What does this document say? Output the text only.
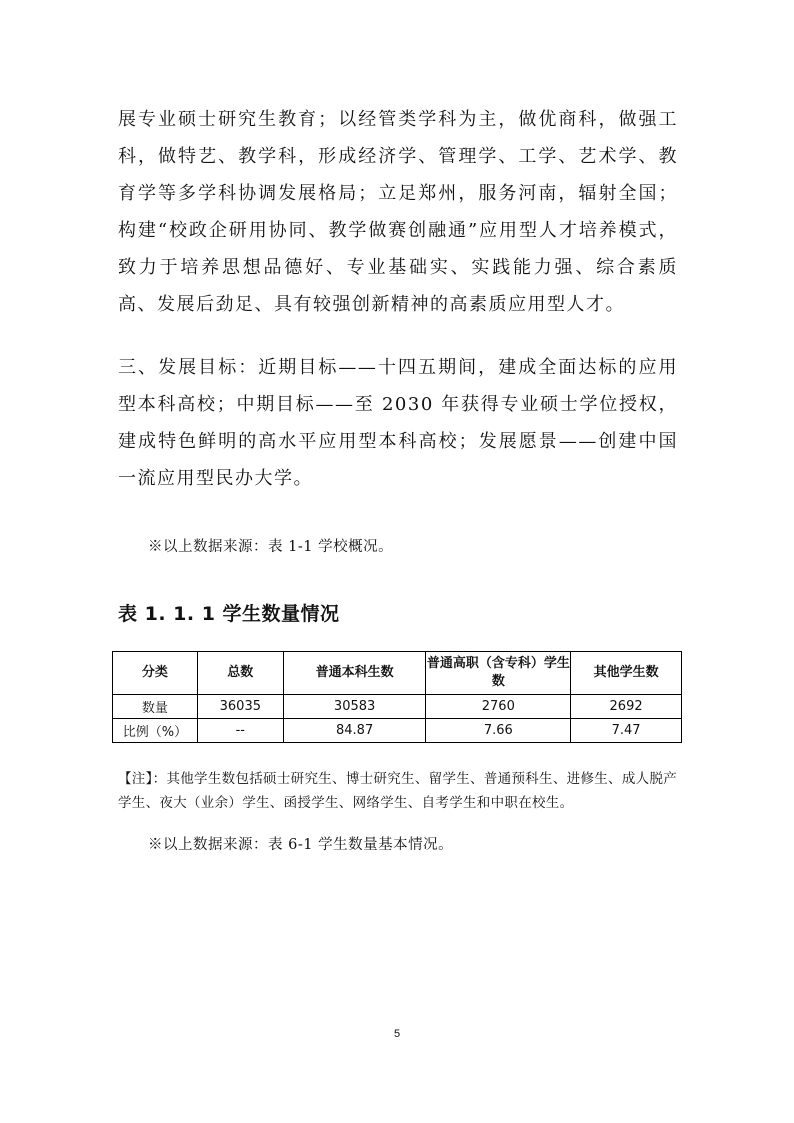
展专业硕士研究生教育；以经管类学科为主，做优商科，做强工科，做特艺、教学科，形成经济学、管理学、工学、艺术学、教育学等多学科协调发展格局；立足郑州，服务河南，辐射全国；构建“校政企研用协同、教学做赛创融通”应用型人才培养模式，致力于培养思想品德好、专业基础实、实践能力强、综合素质高、发展后劲足、具有较强创新精神的高素质应用型人才。

三、发展目标：近期目标——十四五期间，建成全面达标的应用型本科高校；中期目标——至 2030 年获得专业硕士学位授权，建成特色鲜明的高水平应用型本科高校；发展愿景——创建中国一流应用型民办大学。

※以上数据来源：表 1-1 学校概况。

表 1. 1. 1 学生数量情况

分类	总数	普通本科生数	普通高职（含专科）学生数	其他学生数
数量	36035	30583	2760	2692
比例（%）	--	84.87	7.66	7.47

【注】：其他学生数包括硕士研究生、博士研究生、留学生、普通预科生、进修生、成人脱产学生、夜大（业余）学生、函授学生、网络学生、自考学生和中职在校生。

※以上数据来源：表 6-1 学生数量基本情况。

5
